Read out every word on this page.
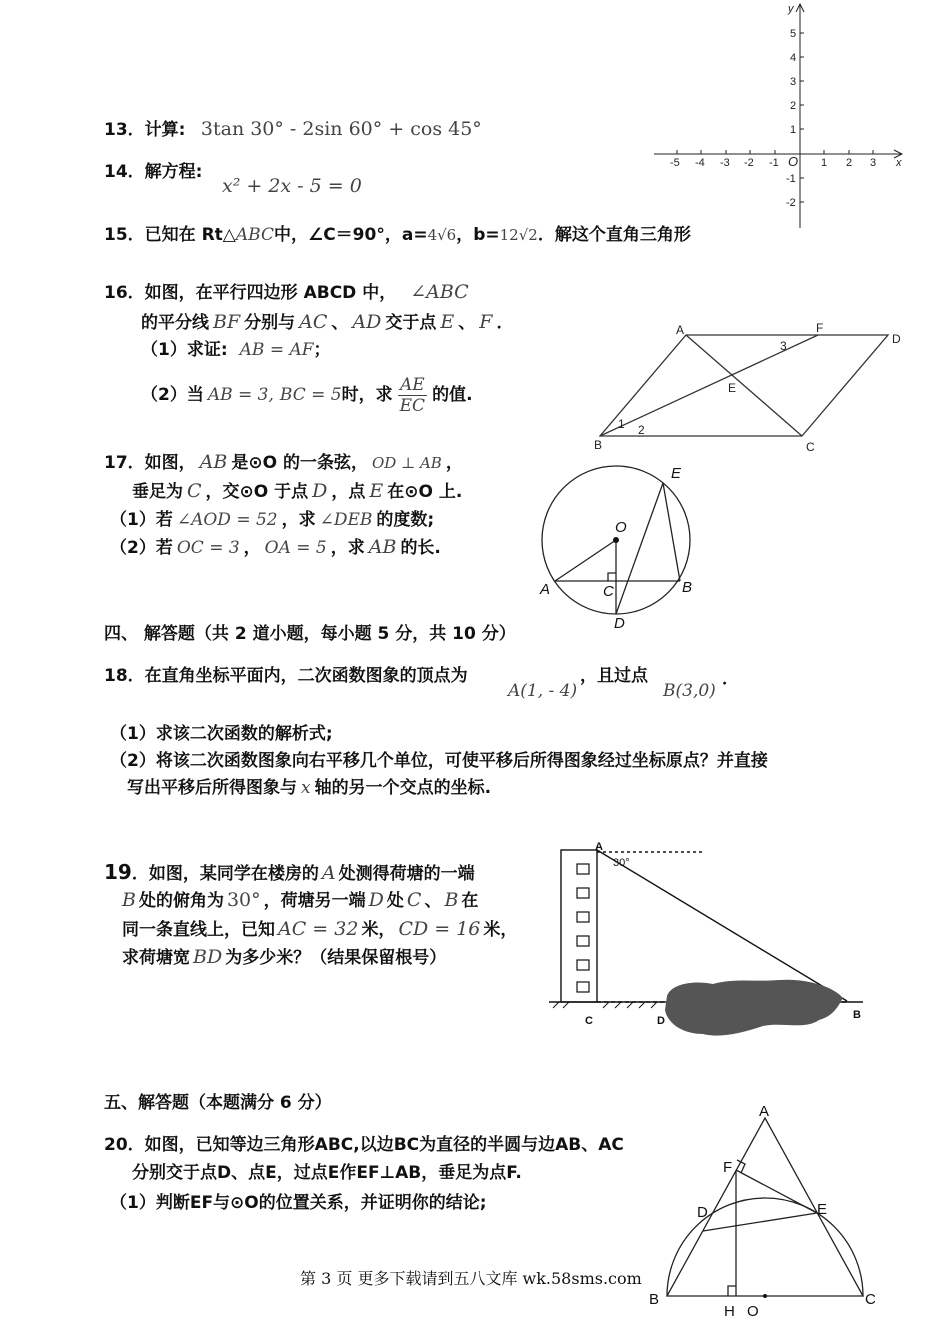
13．计算: 3tan 30° - 2sin 60° + cos 45°
14．解方程:
x² + 2x - 5 = 0
15．已知在 Rt△ABC中，∠C＝90°，a=4√6，b=12√2．解这个直角三角形
16．如图，在平行四边形 ABCD 中， ∠ABC
的平分线 BF 分别与 AC 、 AD 交于点 E 、 F ．
（1）求证: AB = AF；
（2）当 AB = 3, BC = 5时，求 $\frac{AE}{EC}$ 的值.
17．如图， AB 是⊙O 的一条弦， OD ⊥ AB ，
垂足为 C ，交⊙O 于点 D ，点 E 在⊙O 上.
（1）若 ∠AOD = 52 ，求 ∠DEB 的度数;
（2）若 OC = 3 ， OA = 5 ，求 AB 的长.
四、 解答题（共 2 道小题，每小题 5 分，共 10 分）
18．在直角坐标平面内，二次函数图象的顶点为
A(1, - 4)
，且过点
B(3,0)
．
（1）求该二次函数的解析式;
（2）将该二次函数图象向右平移几个单位，可使平移后所得图象经过坐标原点？并直接
写出平移后所得图象与 x 轴的另一个交点的坐标.
19．如图，某同学在楼房的 A 处测得荷塘的一端
B 处的俯角为 30° ，荷塘另一端 D 处 C 、 B 在
同一条直线上，已知 AC = 32 米， CD = 16 米，
求荷塘宽 BD 为多少米？（结果保留根号）
五、解答题（本题满分 6 分）
20．如图，已知等边三角形ABC,以边BC为直径的半圆与边AB、AC
分别交于点D、点E，过点E作EF⊥AB，垂足为点F.
（1）判断EF与⊙O的位置关系，并证明你的结论;
第 3 页 更多下载请到五八文库 wk.58sms.com
x
y
O
-5 -4 -3 -2 -1	1 2 3
5
4
3
2
1
-1
-2
A	F
D
E
B	C
1 2
3
O
A	B
C
D
E
A
30°
C	D	B
A
F
D	E
B	C
H O
